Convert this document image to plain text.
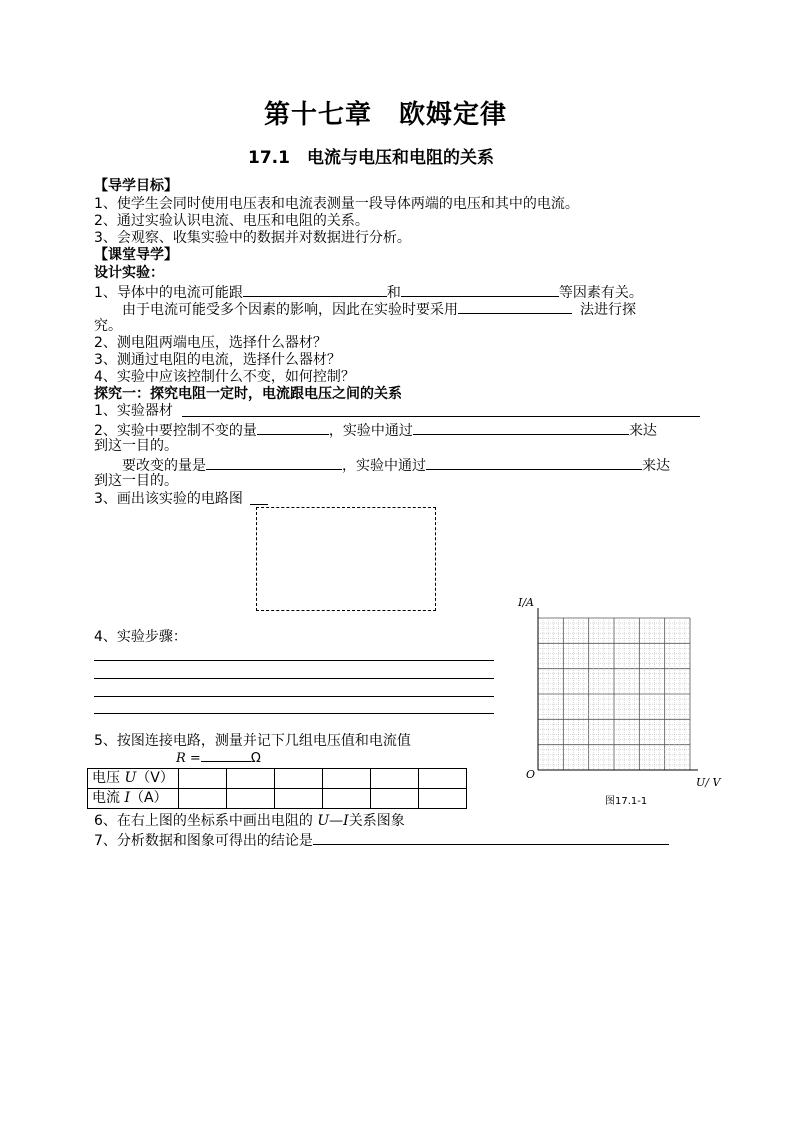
第十七章　欧姆定律
17.1　电流与电压和电阻的关系
【导学目标】
1、使学生会同时使用电压表和电流表测量一段导体两端的电压和其中的电流。
2、通过实验认识电流、电压和电阻的关系。
3、会观察、收集实验中的数据并对数据进行分析。
【课堂导学】
设计实验：
1、导体中的电流可能跟	和	等因素有关。
由于电流可能受多个因素的影响，因此在实验时要采用	法进行探
究。
2、测电阻两端电压，选择什么器材？
3、测通过电阻的电流，选择什么器材？
4、实验中应该控制什么不变，如何控制？
探究一：探究电阻一定时，电流跟电压之间的关系
1、实验器材
2、实验中要控制不变的量	，实验中通过	来达
到这一目的。
要改变的量是	，实验中通过	来达
到这一目的。
3、画出该实验的电路图
4、实验步骤：
5、按图连接电路，测量并记下几组电压值和电流值
R =	Ω
电压 U（V）						
电流 I（A）						
6、在右上图的坐标系中画出电阻的 U—I关系图象
7、分析数据和图象可得出的结论是
I/A
U/ V
O
图17.1-1
